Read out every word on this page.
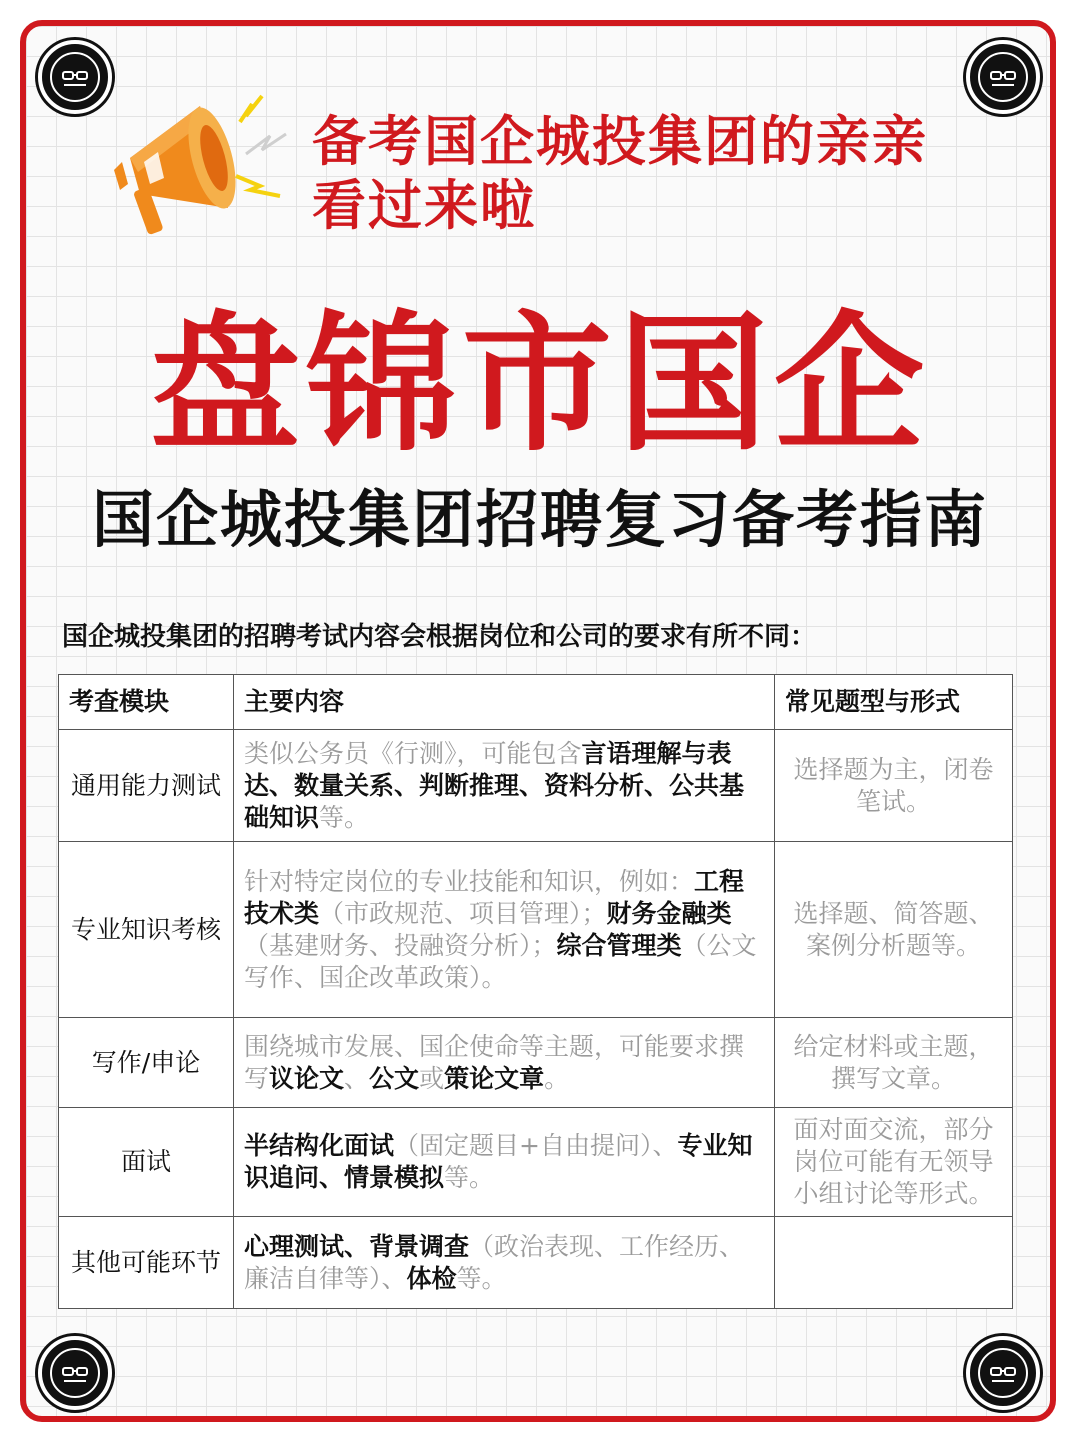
备考国企城投集团的亲亲
看过来啦
盘锦市国企
国企城投集团招聘复习备考指南
国企城投集团的招聘考试内容会根据岗位和公司的要求有所不同：
考查模块	主要内容	常见题型与形式
通用能力测试	类似公务员《行测》，可能包含言语理解与表达、数量关系、判断推理、资料分析、公共基础知识等。	选择题为主，闭卷笔试。
专业知识考核	针对特定岗位的专业技能和知识，例如：工程技术类（市政规范、项目管理）；财务金融类（基建财务、投融资分析）；综合管理类（公文写作、国企改革政策）。	选择题、简答题、案例分析题等。
写作/申论	围绕城市发展、国企使命等主题，可能要求撰写议论文、公文或策论文章。	给定材料或主题，撰写文章。
面试	半结构化面试（固定题目+自由提问）、专业知识追问、情景模拟等。	面对面交流，部分岗位可能有无领导小组讨论等形式。
其他可能环节	心理测试、背景调查（政治表现、工作经历、廉洁自律等）、体检等。	
